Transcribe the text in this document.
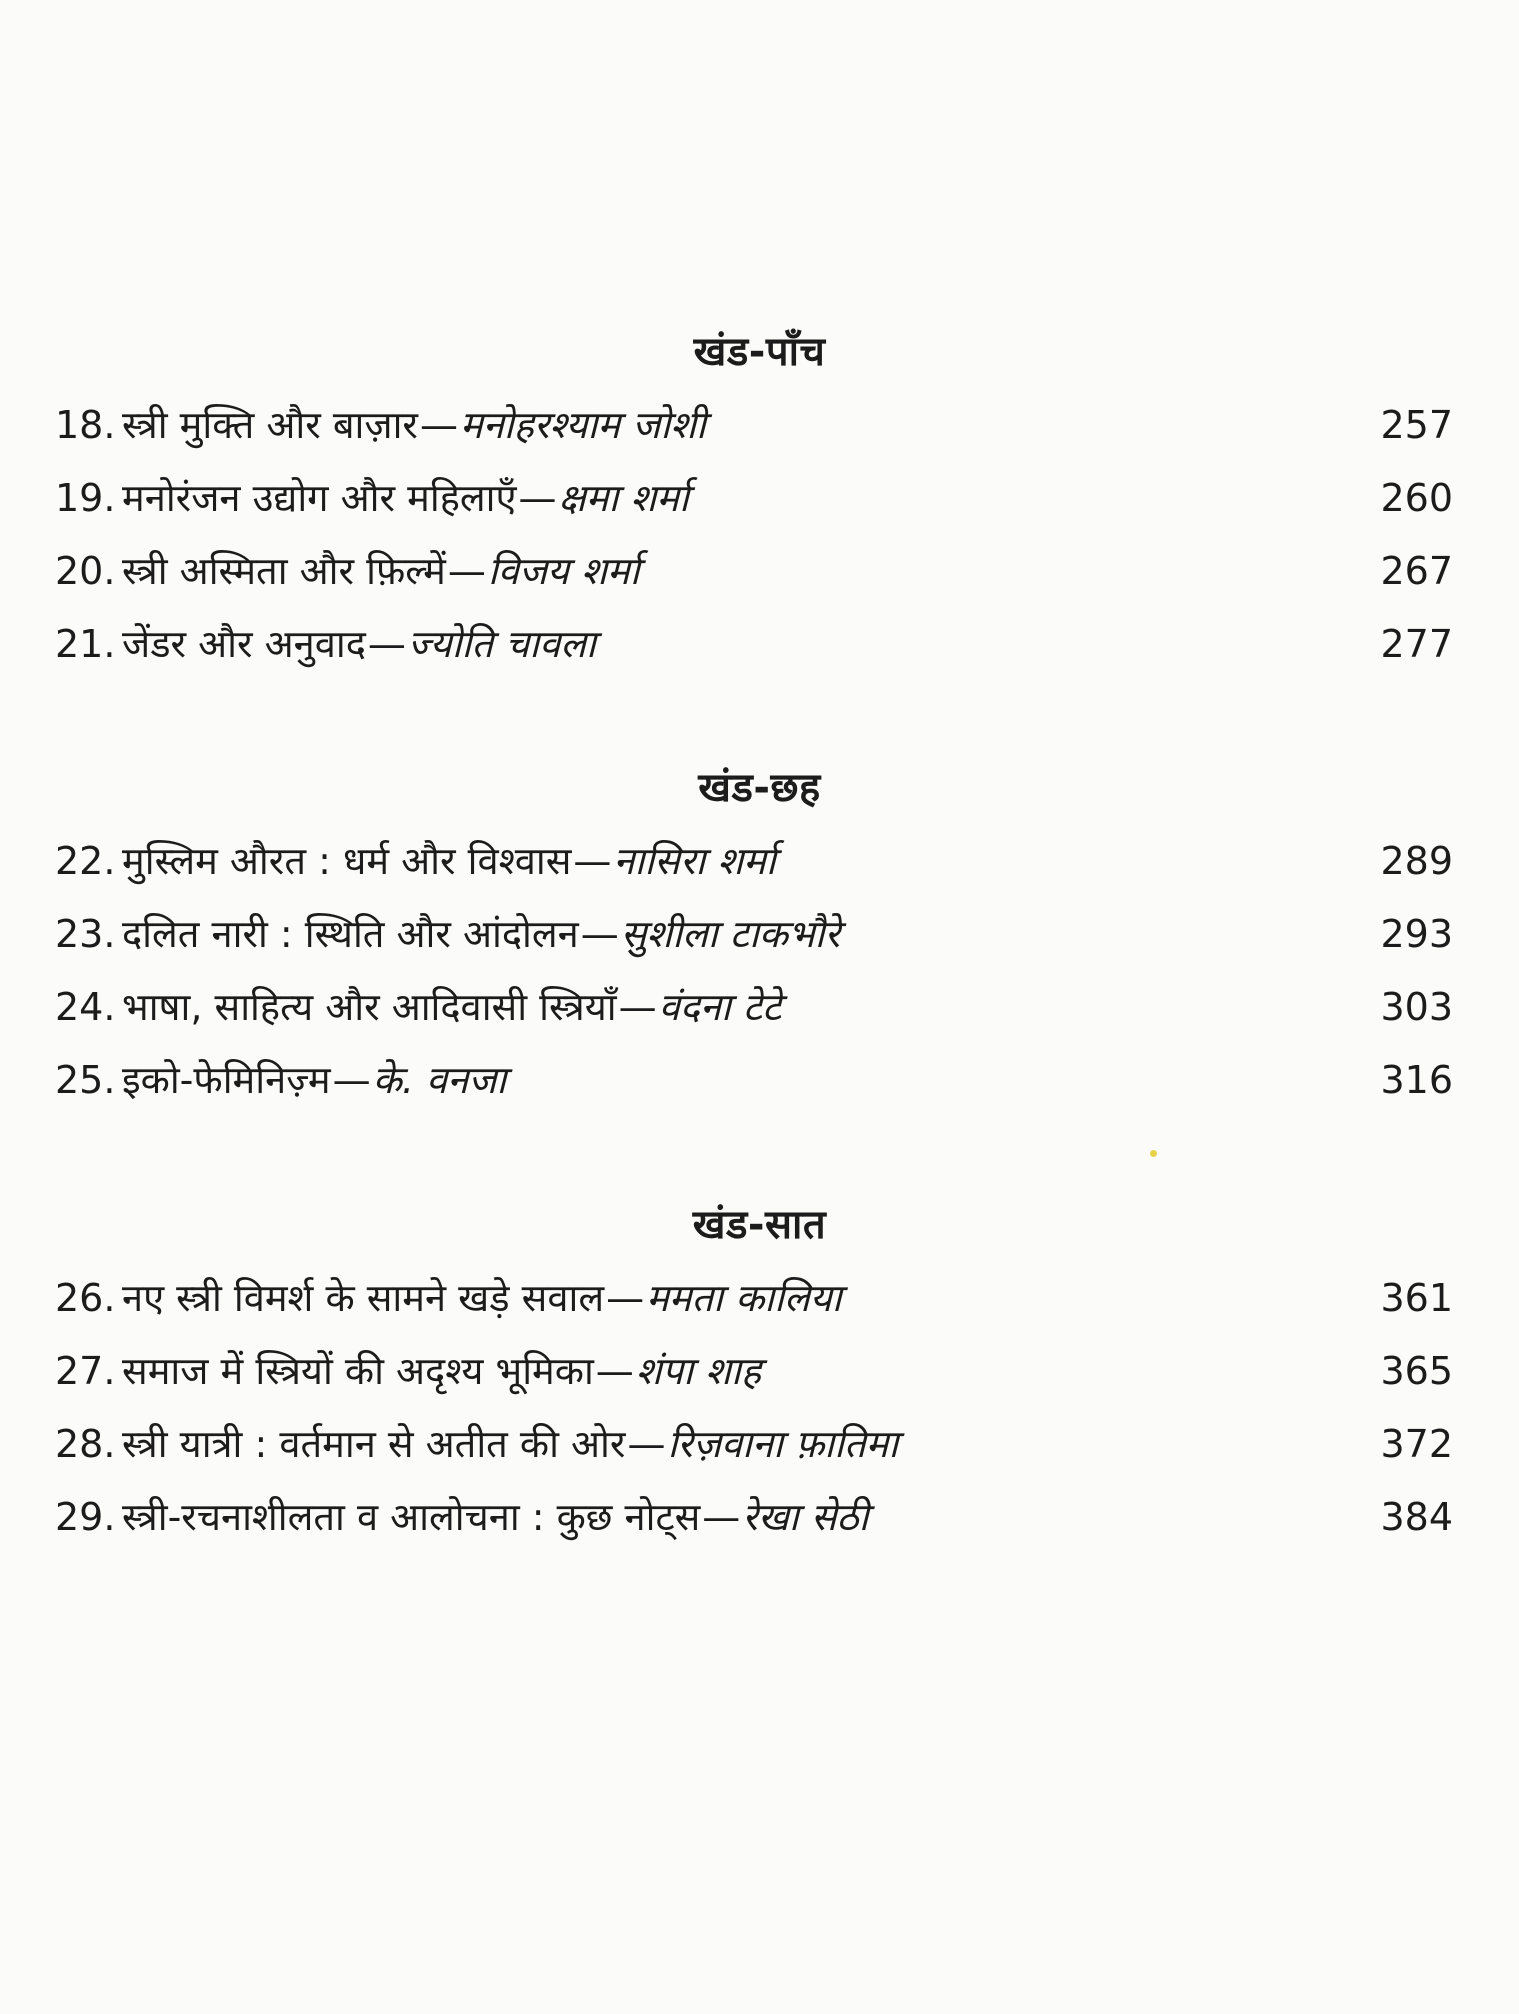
खंड-पाँच
18. स्त्री मुक्ति और बाज़ार—मनोहरश्याम जोशी	257
19. मनोरंजन उद्योग और महिलाएँ—क्षमा शर्मा	260
20. स्त्री अस्मिता और फ़िल्में—विजय शर्मा	267
21. जेंडर और अनुवाद—ज्योति चावला	277
खंड-छह
22. मुस्लिम औरत : धर्म और विश्वास—नासिरा शर्मा	289
23. दलित नारी : स्थिति और आंदोलन—सुशीला टाकभौरे	293
24. भाषा, साहित्य और आदिवासी स्त्रियाँ—वंदना टेटे	303
25. इको-फेमिनिज़्म—के. वनजा	316
खंड-सात
26. नए स्त्री विमर्श के सामने खड़े सवाल—ममता कालिया	361
27. समाज में स्त्रियों की अदृश्य भूमिका—शंपा शाह	365
28. स्त्री यात्री : वर्तमान से अतीत की ओर—रिज़वाना फ़ातिमा	372
29. स्त्री-रचनाशीलता व आलोचना : कुछ नोट्स—रेखा सेठी	384
